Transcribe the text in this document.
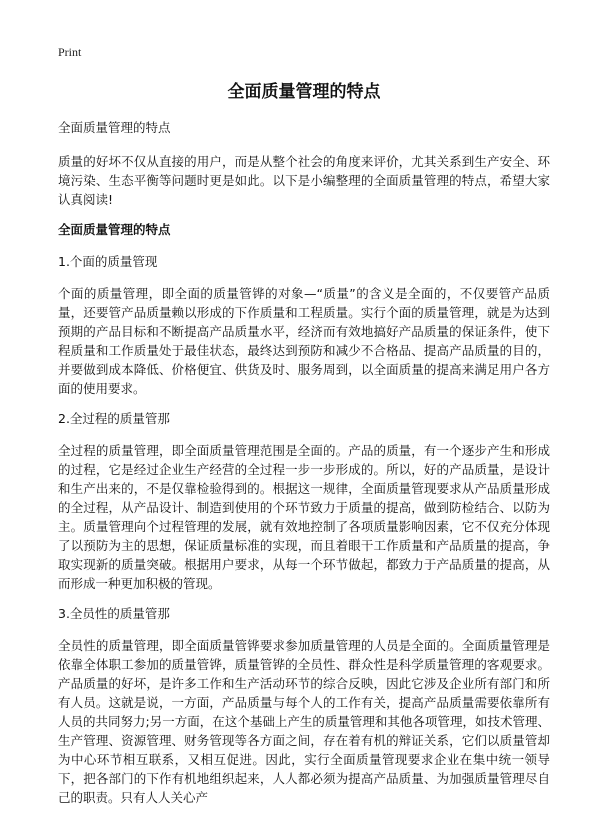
Print
全面质量管理的特点
全面质量管理的特点

质量的好坏不仅从直接的用户，而是从整个社会的角度来评价，尤其关系到生产安全、环境污染、生态平衡等问题时更是如此。以下是小编整理的全面质量管理的特点，希望大家认真阅读!

全面质量管理的特点
1.个面的质量管现

个面的质量管理，即全面的质量管铧的对象—“质量”的含义是全面的，不仅要管产品质量，还要管产品质量赖以形成的下作质量和工程质量。实行个面的质量管理，就是为达到预期的产品目标和不断提高产品质量水平，经济而有效地搞好产品质量的保证条件，使下程质量和工作质量处于最佳状态，最终达到预防和减少不合格品、提高产品质量的目的，并要做到成本降低、价格便宜、供货及时、服务周到，以全面质量的提高来满足用户各方面的使用要求。

2.全过程的质量管那

全过程的质量管理，即全面质量管理范围是全面的。产品的质量，有一个逐步产生和形成的过程，它是经过企业生产经营的全过程一步一步形成的。所以，好的产品质量，是设计和生产出来的，不是仅靠检验得到的。根据这一规律，全面质量管现要求从产品质量形成的全过程，从产品设计、制造到使用的个环节致力于质量的提高，做到防检结合、以防为主。质量管理向个过程管理的发展，就有效地控制了各项质量影响因素，它不仅充分体现了以预防为主的思想，保证质量标准的实现，而且着眼干工作质量和产品质量的提高，争取实现新的质量突破。根据用户要求，从每一个环节做起，都致力于产品质量的提高，从而形成一种更加积极的管现。

3.全员性的质量管那

全员性的质量管理，即全面质量管铧要求参加质量管理的人员是全面的。全面质量管理是依靠全体职工参加的质量管铧，质量管铧的全员性、群众性是科学质量管理的客观要求。产品质量的好坏，是许多工作和生产活动环节的综合反映，因此它涉及企业所有部门和所有人员。这就是说，一方面，产品质量与每个人的工作有关，提高产品质量需要依靠所有人员的共同努力;另一方面，在这个基础上产生的质量管理和其他各项管理，如技术管理、生产管理、资源管理、财务管现等各方面之间，存在着有机的辩证关系，它们以质量管却为中心环节相互联系，又相互促进。因此，实行全面质量管现要求企业在集中统一领导下，把各部门的下作有机地组织起来，人人都必须为提高产品质量、为加强质量管理尽自己的职责。只有人人关心产
